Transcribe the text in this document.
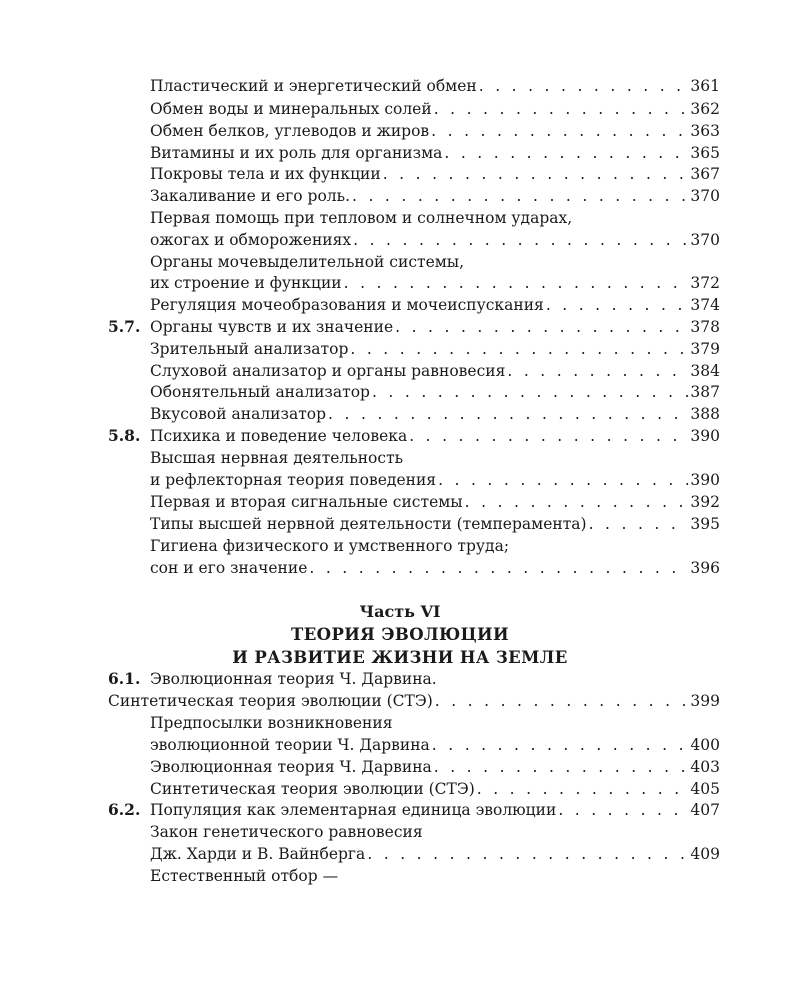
Пластический и энергетический обмен . . .	361
Обмен воды и минеральных солей . . .	362
Обмен белков, углеводов и жиров . . .	363
Витамины и их роль для организма . . .	365
Покровы тела и их функции . . .	367
Закаливание и его роль. . . .	370
Первая помощь при тепловом и солнечном ударах,
ожогах и обморожениях . . .	370
Органы мочевыделительной системы,
их строение и функции . . .	372
Регуляция мочеобразования и мочеиспускания . . .	374
5.7. Органы чувств и их значение . . .	378
Зрительный анализатор . . .	379
Слуховой анализатор и органы равновесия . . .	384
Обонятельный анализатор . . .	387
Вкусовой анализатор . . .	388
5.8. Психика и поведение человека . . .	390
Высшая нервная деятельность
и рефлекторная теория поведения . . .	390
Первая и вторая сигнальные системы . . .	392
Типы высшей нервной деятельности (темперамента) . . .	395
Гигиена физического и умственного труда;
сон и его значение . . .	396
Часть VI
ТЕОРИЯ ЭВОЛЮЦИИ
И РАЗВИТИЕ ЖИЗНИ НА ЗЕМЛЕ
6.1. Эволюционная теория Ч. Дарвина.
Синтетическая теория эволюции (СТЭ) . . .	399
Предпосылки возникновения
эволюционной теории Ч. Дарвина . . .	400
Эволюционная теория Ч. Дарвина . . .	403
Синтетическая теория эволюции (СТЭ) . . .	405
6.2. Популяция как элементарная единица эволюции . . .	407
Закон генетического равновесия
Дж. Харди и В. Вайнберга . . .	409
Естественный отбор —
